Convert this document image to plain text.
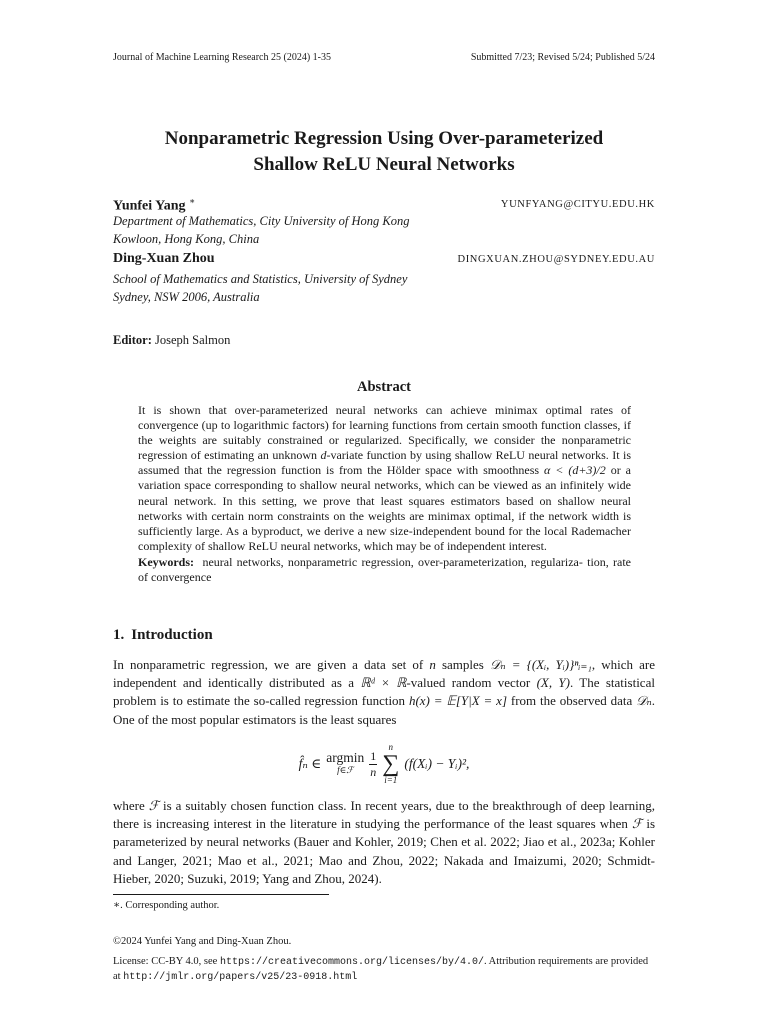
Journal of Machine Learning Research 25 (2024) 1-35	Submitted 7/23; Revised 5/24; Published 5/24
Nonparametric Regression Using Over-parameterized
Shallow ReLU Neural Networks
Yunfei Yang ∗	YUNFYANG@CITYU.EDU.HK
Department of Mathematics, City University of Hong Kong
Kowloon, Hong Kong, China
Ding-Xuan Zhou	DINGXUAN.ZHOU@SYDNEY.EDU.AU
School of Mathematics and Statistics, University of Sydney
Sydney, NSW 2006, Australia
Editor: Joseph Salmon
Abstract

It is shown that over-parameterized neural networks can achieve minimax optimal rates of convergence (up to logarithmic factors) for learning functions from certain smooth function classes, if the weights are suitably constrained or regularized. Specifically, we consider the nonparametric regression of estimating an unknown d-variate function by using shallow ReLU neural networks. It is assumed that the regression function is from the Hölder space with smoothness α < (d+3)/2 or a variation space corresponding to shallow neural networks, which can be viewed as an infinitely wide neural network. In this setting, we prove that least squares estimators based on shallow neural networks with certain norm constraints on the weights are minimax optimal, if the network width is sufficiently large. As a byproduct, we derive a new size-independent bound for the local Rademacher complexity of shallow ReLU neural networks, which may be of independent interest.

Keywords: neural networks, nonparametric regression, over-parameterization, regulariza- tion, rate of convergence

1. Introduction

In nonparametric regression, we are given a data set of n samples 𝒟ₙ = {(Xᵢ, Yᵢ)}ⁿᵢ₌₁, which are independent and identically distributed as a ℝᵈ × ℝ-valued random vector (X, Y). The statistical problem is to estimate the so-called regression function h(x) = 𝔼[Y|X = x] from the observed data 𝒟ₙ. One of the most popular estimators is the least squares

f̂ₙ ∈ argmin
f∈ℱ $\frac{1}{n}$
n
∑
i=1
(f(Xᵢ) − Yᵢ)²,

where ℱ is a suitably chosen function class. In recent years, due to the breakthrough of deep learning, there is increasing interest in the literature in studying the performance of the least squares when ℱ is parameterized by neural networks (Bauer and Kohler, 2019; Chen et al. 2022; Jiao et al., 2023a; Kohler and Langer, 2021; Mao et al., 2021; Mao and Zhou, 2022; Nakada and Imaizumi, 2020; Schmidt-Hieber, 2020; Suzuki, 2019; Yang and Zhou, 2024).

∗. Corresponding author.
©2024 Yunfei Yang and Ding-Xuan Zhou.
License: CC-BY 4.0, see https://creativecommons.org/licenses/by/4.0/. Attribution requirements are provided
at http://jmlr.org/papers/v25/23-0918.html
